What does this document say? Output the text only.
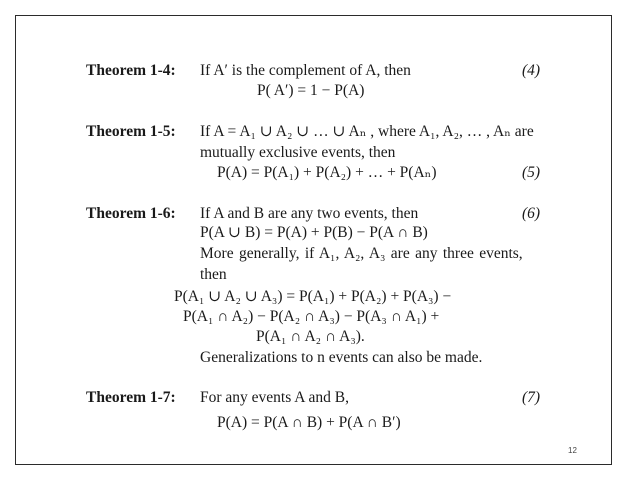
Theorem 1-4: If A′ is the complement of A, then	(4)
P( A′) = 1 − P(A)
Theorem 1-5: If A = A₁ ∪ A₂ ∪ … ∪ Aₙ , where A₁, A₂, … , Aₙ are
mutually exclusive events, then
P(A) = P(A₁) + P(A₂) + … + P(Aₙ)	(5)
Theorem 1-6: If A and B are any two events, then	(6)
P(A ∪ B) = P(A) + P(B) − P(A ∩ B)
More generally, if A₁, A₂, A₃ are any three events,
then
P(A₁ ∪ A₂ ∪ A₃) = P(A₁) + P(A₂) + P(A₃) −
P(A₁ ∩ A₂) − P(A₂ ∩ A₃) − P(A₃ ∩ A₁) +
P(A₁ ∩ A₂ ∩ A₃).
Generalizations to n events can also be made.
Theorem 1-7: For any events A and B,	(7)
P(A) = P(A ∩ B) + P(A ∩ B′)
12
